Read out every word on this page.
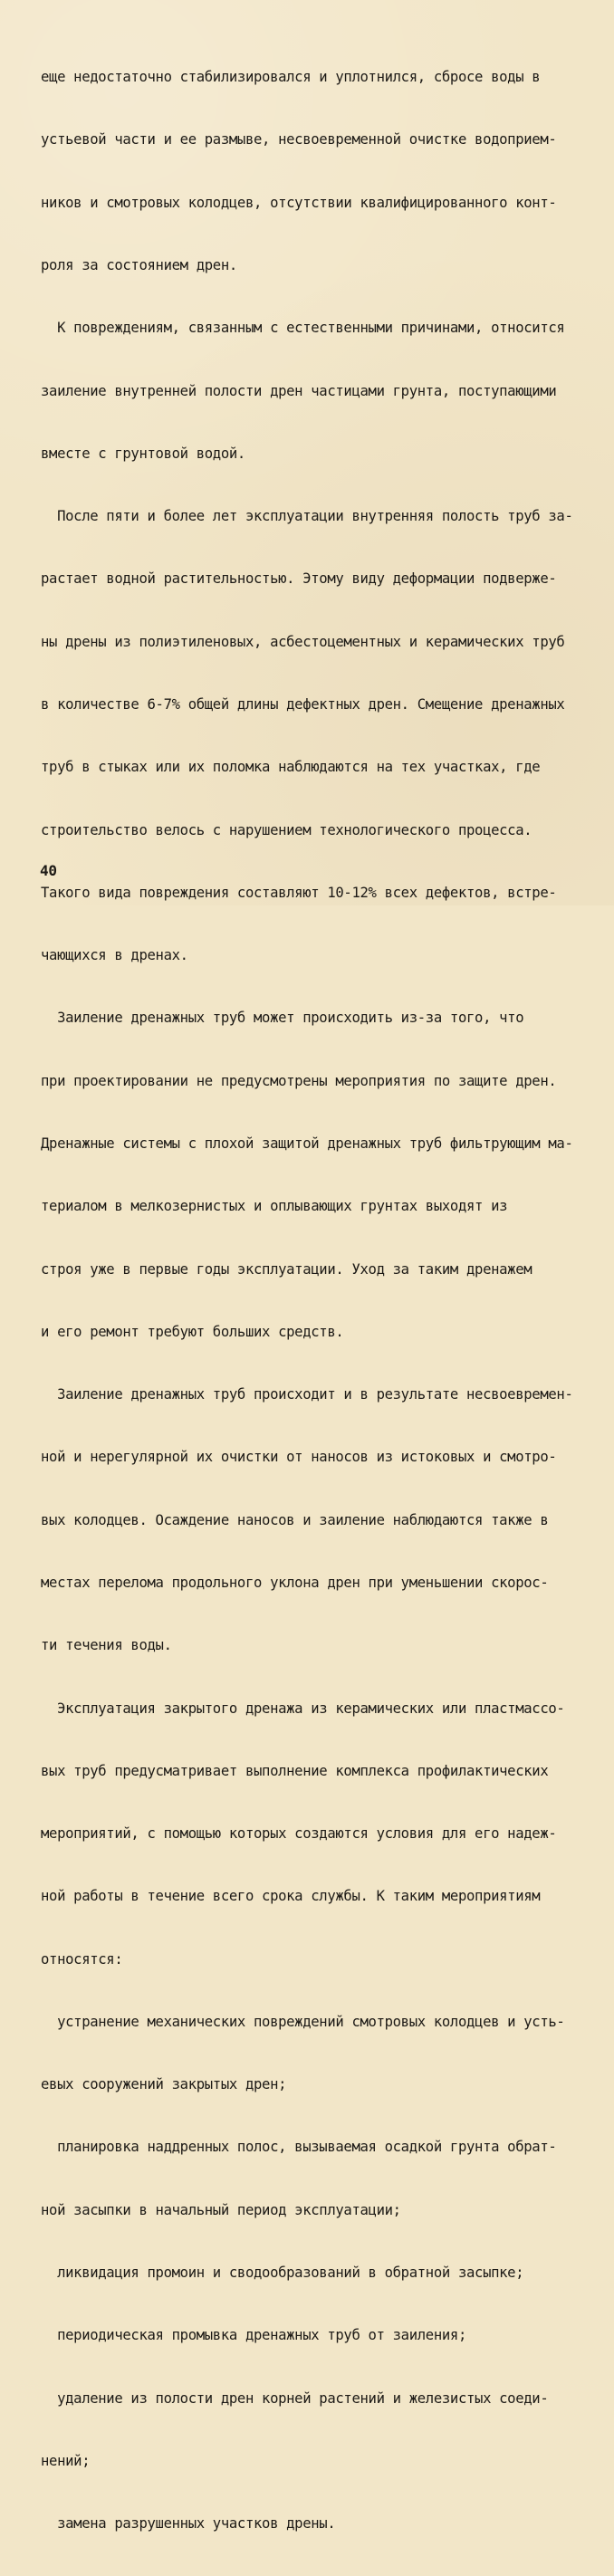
еще недостаточно стабилизировался и уплотнился, сбросе воды в

устьевой части и ее размыве, несвоевременной очистке водоприем-

ников и смотровых колодцев, отсутствии квалифицированного конт-

роля за состоянием дрен.

К повреждениям, связанным с естественными причинами, относится

заиление внутренней полости дрен частицами грунта, поступающими

вместе с грунтовой водой.

После пяти и более лет эксплуатации внутренняя полость труб за-

растает водной растительностью. Этому виду деформации подверже-

ны дрены из полиэтиленовых, асбестоцементных и керамических труб

в количестве 6-7% общей длины дефектных дрен. Смещение дренажных

труб в стыках или их поломка наблюдаются на тех участках, где

строительство велось с нарушением технологического процесса.

Такого вида повреждения составляют 10-12% всех дефектов, встре-

чающихся в дренах.

Заиление дренажных труб может происходить из-за того, что

при проектировании не предусмотрены мероприятия по защите дрен.

Дренажные системы с плохой защитой дренажных труб фильтрующим ма-

териалом в мелкозернистых и оплывающих грунтах выходят из

строя уже в первые годы эксплуатации. Уход за таким дренажем

и его ремонт требуют больших средств.

Заиление дренажных труб происходит и в результате несвоевремен-

ной и нерегулярной их очистки от наносов из истоковых и смотро-

вых колодцев. Осаждение наносов и заиление наблюдаются также в

местах перелома продольного уклона дрен при уменьшении скорос-

ти течения воды.

Эксплуатация закрытого дренажа из керамических или пластмассо-

вых труб предусматривает выполнение комплекса профилактических

мероприятий, с помощью которых создаются условия для его надеж-

ной работы в течение всего срока службы. К таким мероприятиям

относятся:

устранение механических повреждений смотровых колодцев и усть-

евых сооружений закрытых дрен;

планировка наддренных полос, вызываемая осадкой грунта обрат-

ной засыпки в начальный период эксплуатации;

ликвидация промоин и сводообразований в обратной засыпке;

периодическая промывка дренажных труб от заиления;

удаление из полости дрен корней растений и железистых соеди-

нений;

замена разрушенных участков дрены.

40
